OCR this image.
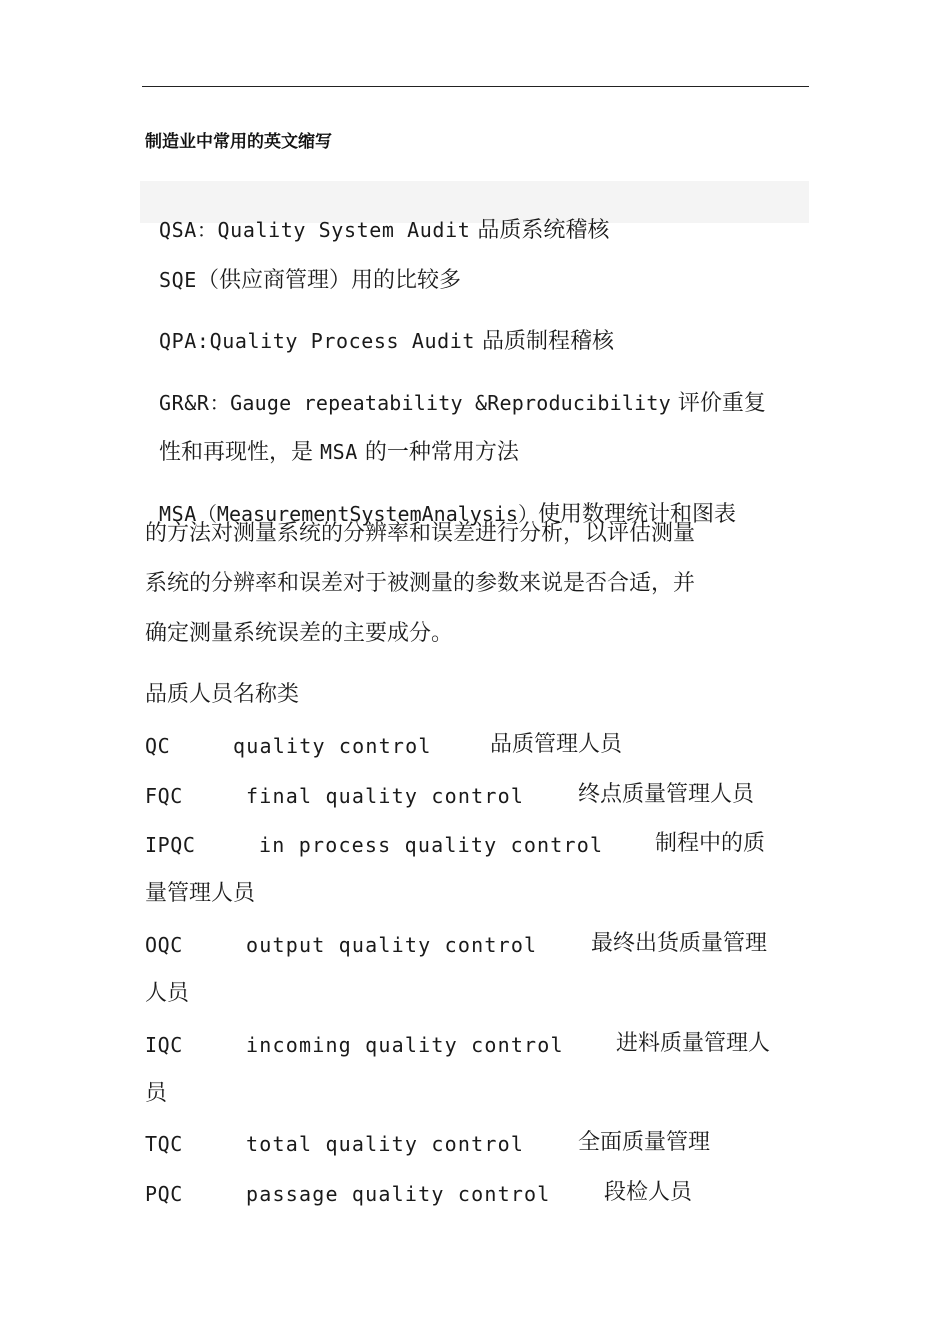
制造业中常用的英文缩写

QSA：Quality System Audit 品质系统稽核

SQE（供应商管理）用的比较多

QPA:Quality Process Audit 品质制程稽核

GR&R：Gauge repeatability &Reproducibility 评价重复

性和再现性，是 MSA 的一种常用方法

MSA（MeasurementSystemAnalysis）使用数理统计和图表

的方法对测量系统的分辨率和误差进行分析，以评估测量
系统的分辨率和误差对于被测量的参数来说是否合适，并
确定测量系统误差的主要成分。
品质人员名称类
QC	quality control	品质管理人员
FQC	final quality control 终点质量管理人员
IPQC	in process quality control 制程中的质
量管理人员
OQC	output quality control 最终出货质量管理
人员
IQC	incoming quality control 进料质量管理人
员
TQC	total quality control 全面质量管理
PQC	passage quality control 段检人员
